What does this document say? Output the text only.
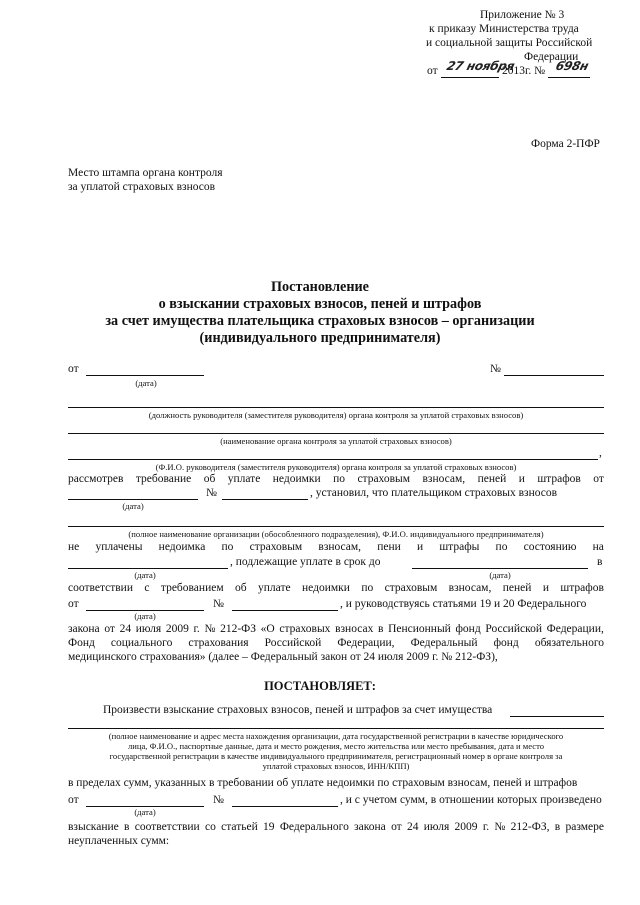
Приложение № 3
к приказу Министерства труда
и социальной защиты Российской
Федерации
от 27 ноября
2013г. № 698н
Форма 2-ПФР
Место штампа органа контроля
за уплатой страховых взносов
Постановление
о взыскании страховых взносов, пеней и штрафов
за счет имущества плательщика страховых взносов – организации
(индивидуального предпринимателя)
от
(дата)
№
(должность руководителя (заместителя руководителя) органа контроля за уплатой страховых взносов)
(наименование органа контроля за уплатой страховых взносов)
,
(Ф.И.О. руководителя (заместителя руководителя) органа контроля за уплатой страховых взносов)
рассмотрев требование об уплате недоимки по страховым взносам, пеней и штрафов от
№	, установил, что плательщиком страховых взносов
(дата)
(полное наименование организации (обособленного подразделения), Ф.И.О. индивидуального предпринимателя)
не уплачены недоимка по страховым взносам, пени и штрафы по состоянию на
, подлежащие уплате в срок до	в
(дата)	(дата)
соответствии с требованием об уплате недоимки по страховым взносам, пеней и штрафов
от	№	, и руководствуясь статьями 19 и 20 Федерального
(дата)
закона от 24 июля 2009 г. № 212-ФЗ «О страховых взносах в Пенсионный фонд Российской Федерации,
Фонд социального страхования Российской Федерации, Федеральный фонд обязательного
медицинского страхования» (далее – Федеральный закон от 24 июля 2009 г. № 212-ФЗ),
ПОСТАНОВЛЯЕТ:
Произвести взыскание страховых взносов, пеней и штрафов за счет имущества
(полное наименование и адрес места нахождения организации, дата государственной регистрации в качестве юридического
лица, Ф.И.О., паспортные данные, дата и место рождения, место жительства или место пребывания, дата и место
государственной регистрации в качестве индивидуального предпринимателя, регистрационный номер в органе контроля за
уплатой страховых взносов, ИНН/КПП)
в пределах сумм, указанных в требовании об уплате недоимки по страховым взносам, пеней и штрафов
от	№	, и с учетом сумм, в отношении которых произведено
(дата)
взыскание в соответствии со статьей 19 Федерального закона от 24 июля 2009 г. № 212-ФЗ, в размере
неуплаченных сумм:
